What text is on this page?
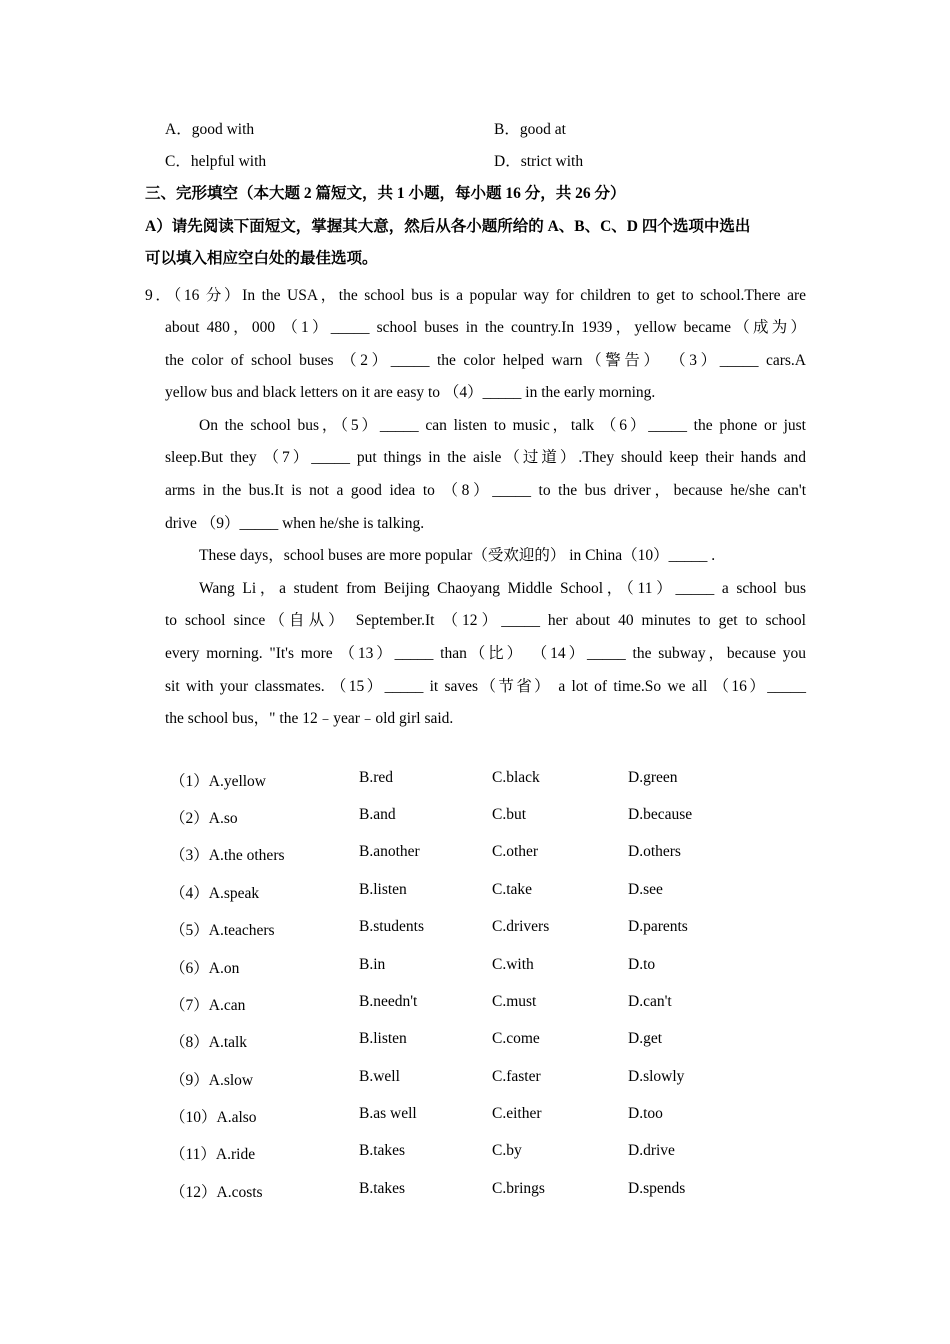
A．good with	B．good at
C．helpful with	D．strict with
三、完形填空（本大题 2 篇短文，共 1 小题，每小题 16 分，共 26 分）
A）请先阅读下面短文，掌握其大意，然后从各小题所给的 A、B、C、D 四个选项中选出
可以填入相应空白处的最佳选项。
9．（16 分）In the USA，the school bus is a popular way for children to get to school.There are
about 480，000 （1）_____ school buses in the country.In 1939，yellow became（成为）
the color of school buses （2）_____ the color helped warn（警告） （3）_____ cars.A
yellow bus and black letters on it are easy to （4）_____ in the early morning.
On the school bus，（5）_____ can listen to music，talk （6）_____ the phone or just
sleep.But they （7）_____ put things in the aisle（过道）.They should keep their hands and
arms in the bus.It is not a good idea to （8）_____ to the bus driver，because he/she can't
drive （9）_____ when he/she is talking.
These days，school buses are more popular（受欢迎的） in China（10）_____ .
Wang Li，a student from Beijing Chaoyang Middle School，（11）_____ a school bus
to school since（自从） September.It （12）_____ her about 40 minutes to get to school
every morning. "It's more （13）_____ than（比） （14）_____ the subway，because you
sit with your classmates. （15）_____ it saves（节省） a lot of time.So we all （16）_____
the school bus，" the 12﹣year﹣old girl said.
（1）A.yellow	B.red	C.black	D.green
（2）A.so	B.and	C.but	D.because
（3）A.the others	B.another	C.other	D.others
（4）A.speak	B.listen	C.take	D.see
（5）A.teachers	B.students	C.drivers	D.parents
（6）A.on	B.in	C.with	D.to
（7）A.can	B.needn't	C.must	D.can't
（8）A.talk	B.listen	C.come	D.get
（9）A.slow	B.well	C.faster	D.slowly
（10）A.also	B.as well	C.either	D.too
（11）A.ride	B.takes	C.by	D.drive
（12）A.costs	B.takes	C.brings	D.spends
